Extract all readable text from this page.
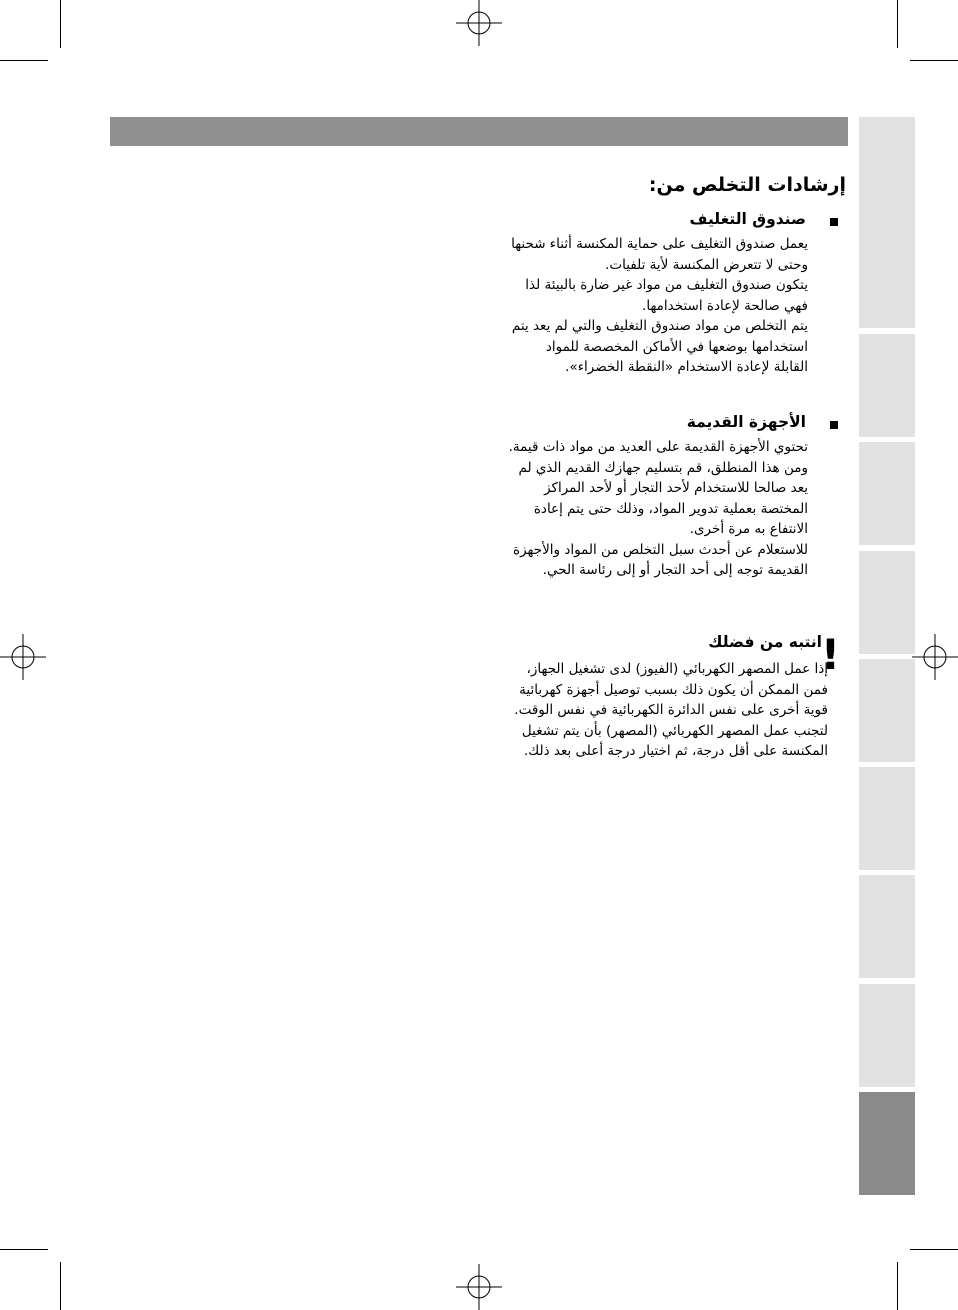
إرشادات التخلص من:
صندوق التغليف

يعمل صندوق التغليف على حماية المكنسة أثناء شحنها وحتى لا تتعرض المكنسة لأية تلفيات.

يتكون صندوق التغليف من مواد غير ضارة بالبيئة لذا فهي صالحة لإعادة استخدامها.

يتم التخلص من مواد صندوق التغليف والتي لم يعد يتم استخدامها بوضعها في الأماكن المخصصة للمواد القابلة لإعادة الاستخدام «النقطة الخضراء».

الأجهزة القديمة

تحتوي الأجهزة القديمة على العديد من مواد ذات قيمة.

ومن هذا المنطلق، قم بتسليم جهازك القديم الذي لم يعد صالحا للاستخدام لأحد التجار أو لأحد المراكز المختصة بعملية تدوير المواد، وذلك حتى يتم إعادة الانتفاع به مرة أخرى.

للاستعلام عن أحدث سبل التخلص من المواد والأجهزة القديمة توجه إلى أحد التجار أو إلى رئاسة الحي.

!
انتبه من فضلك

إذا عمل المصهر الكهربائي (الفيوز) لدى تشغيل الجهاز، فمن الممكن أن يكون ذلك بسبب توصيل أجهزة كهربائية قوية أخرى على نفس الدائرة الكهربائية في نفس الوقت.

لتجنب عمل المصهر الكهربائي (المصهر) بأن يتم تشغيل المكنسة على أقل درجة، ثم اختيار درجة أعلى بعد ذلك.
